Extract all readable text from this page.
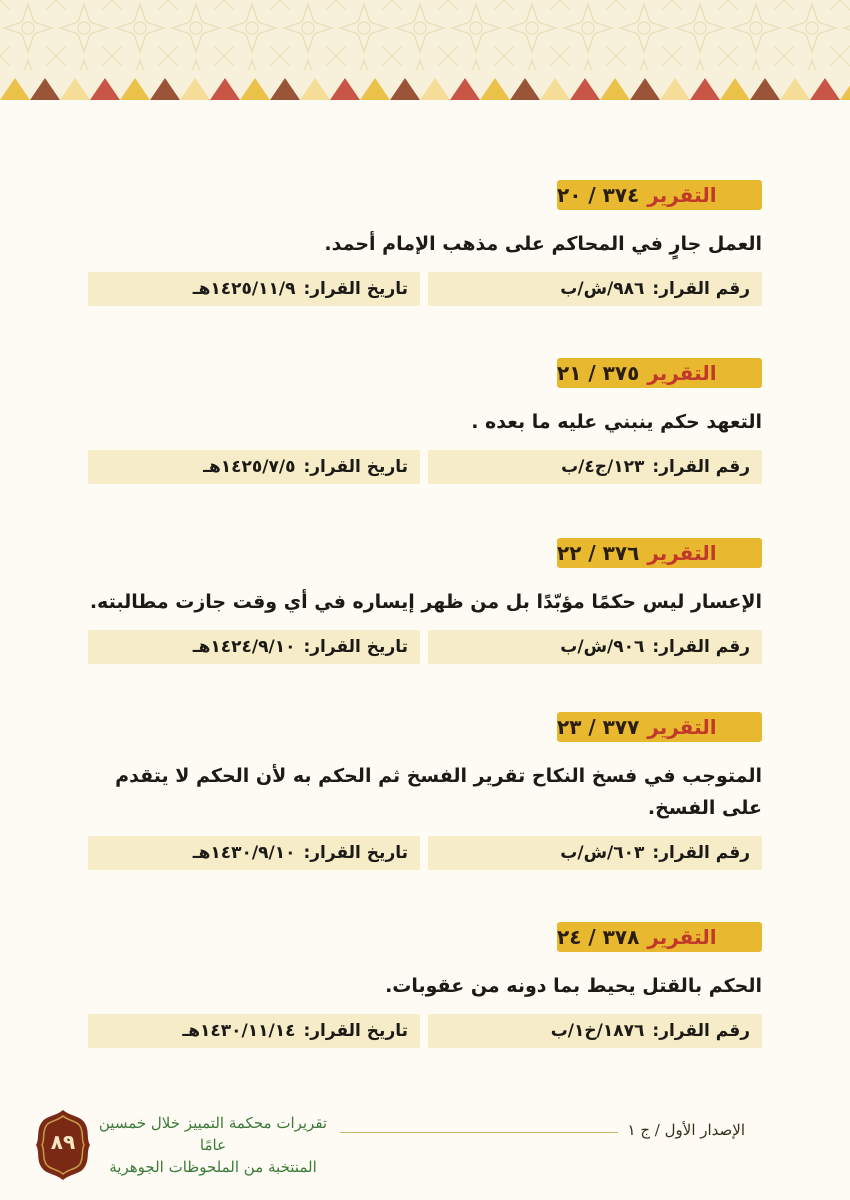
التقرير
٣٧٤ / ٢٠
العمل جارٍ في المحاكم على مذهب الإمام أحمد.
رقم القرار:
٩٨٦/ش/ب
تاريخ القرار:
١٤٢٥/١١/٩هـ
التقرير
٣٧٥ / ٢١
التعهد حكم ينبني عليه ما بعده .
رقم القرار:
١٢٣/ج٤/ب
تاريخ القرار:
١٤٢٥/٧/٥هـ
التقرير
٣٧٦ / ٢٢
الإعسار ليس حكمًا مؤبّدًا بل من ظهر إيساره في أي وقت جازت مطالبته.
رقم القرار:
٩٠٦/ش/ب
تاريخ القرار:
١٤٢٤/٩/١٠هـ
التقرير
٣٧٧ / ٢٣
المتوجب في فسخ النكاح تقرير الفسخ ثم الحكم به لأن الحكم لا يتقدم على الفسخ.
رقم القرار:
٦٠٣/ش/ب
تاريخ القرار:
١٤٣٠/٩/١٠هـ
التقرير
٣٧٨ / ٢٤
الحكم بالقتل يحيط بما دونه من عقوبات.
رقم القرار:
١٨٧٦/خ١/ب
تاريخ القرار:
١٤٣٠/١١/١٤هـ
الإصدار الأول / ج ١
تقريرات محكمة التمييز خلال خمسين عامًا
المنتخبة من الملحوظات الجوهرية
٨٩
